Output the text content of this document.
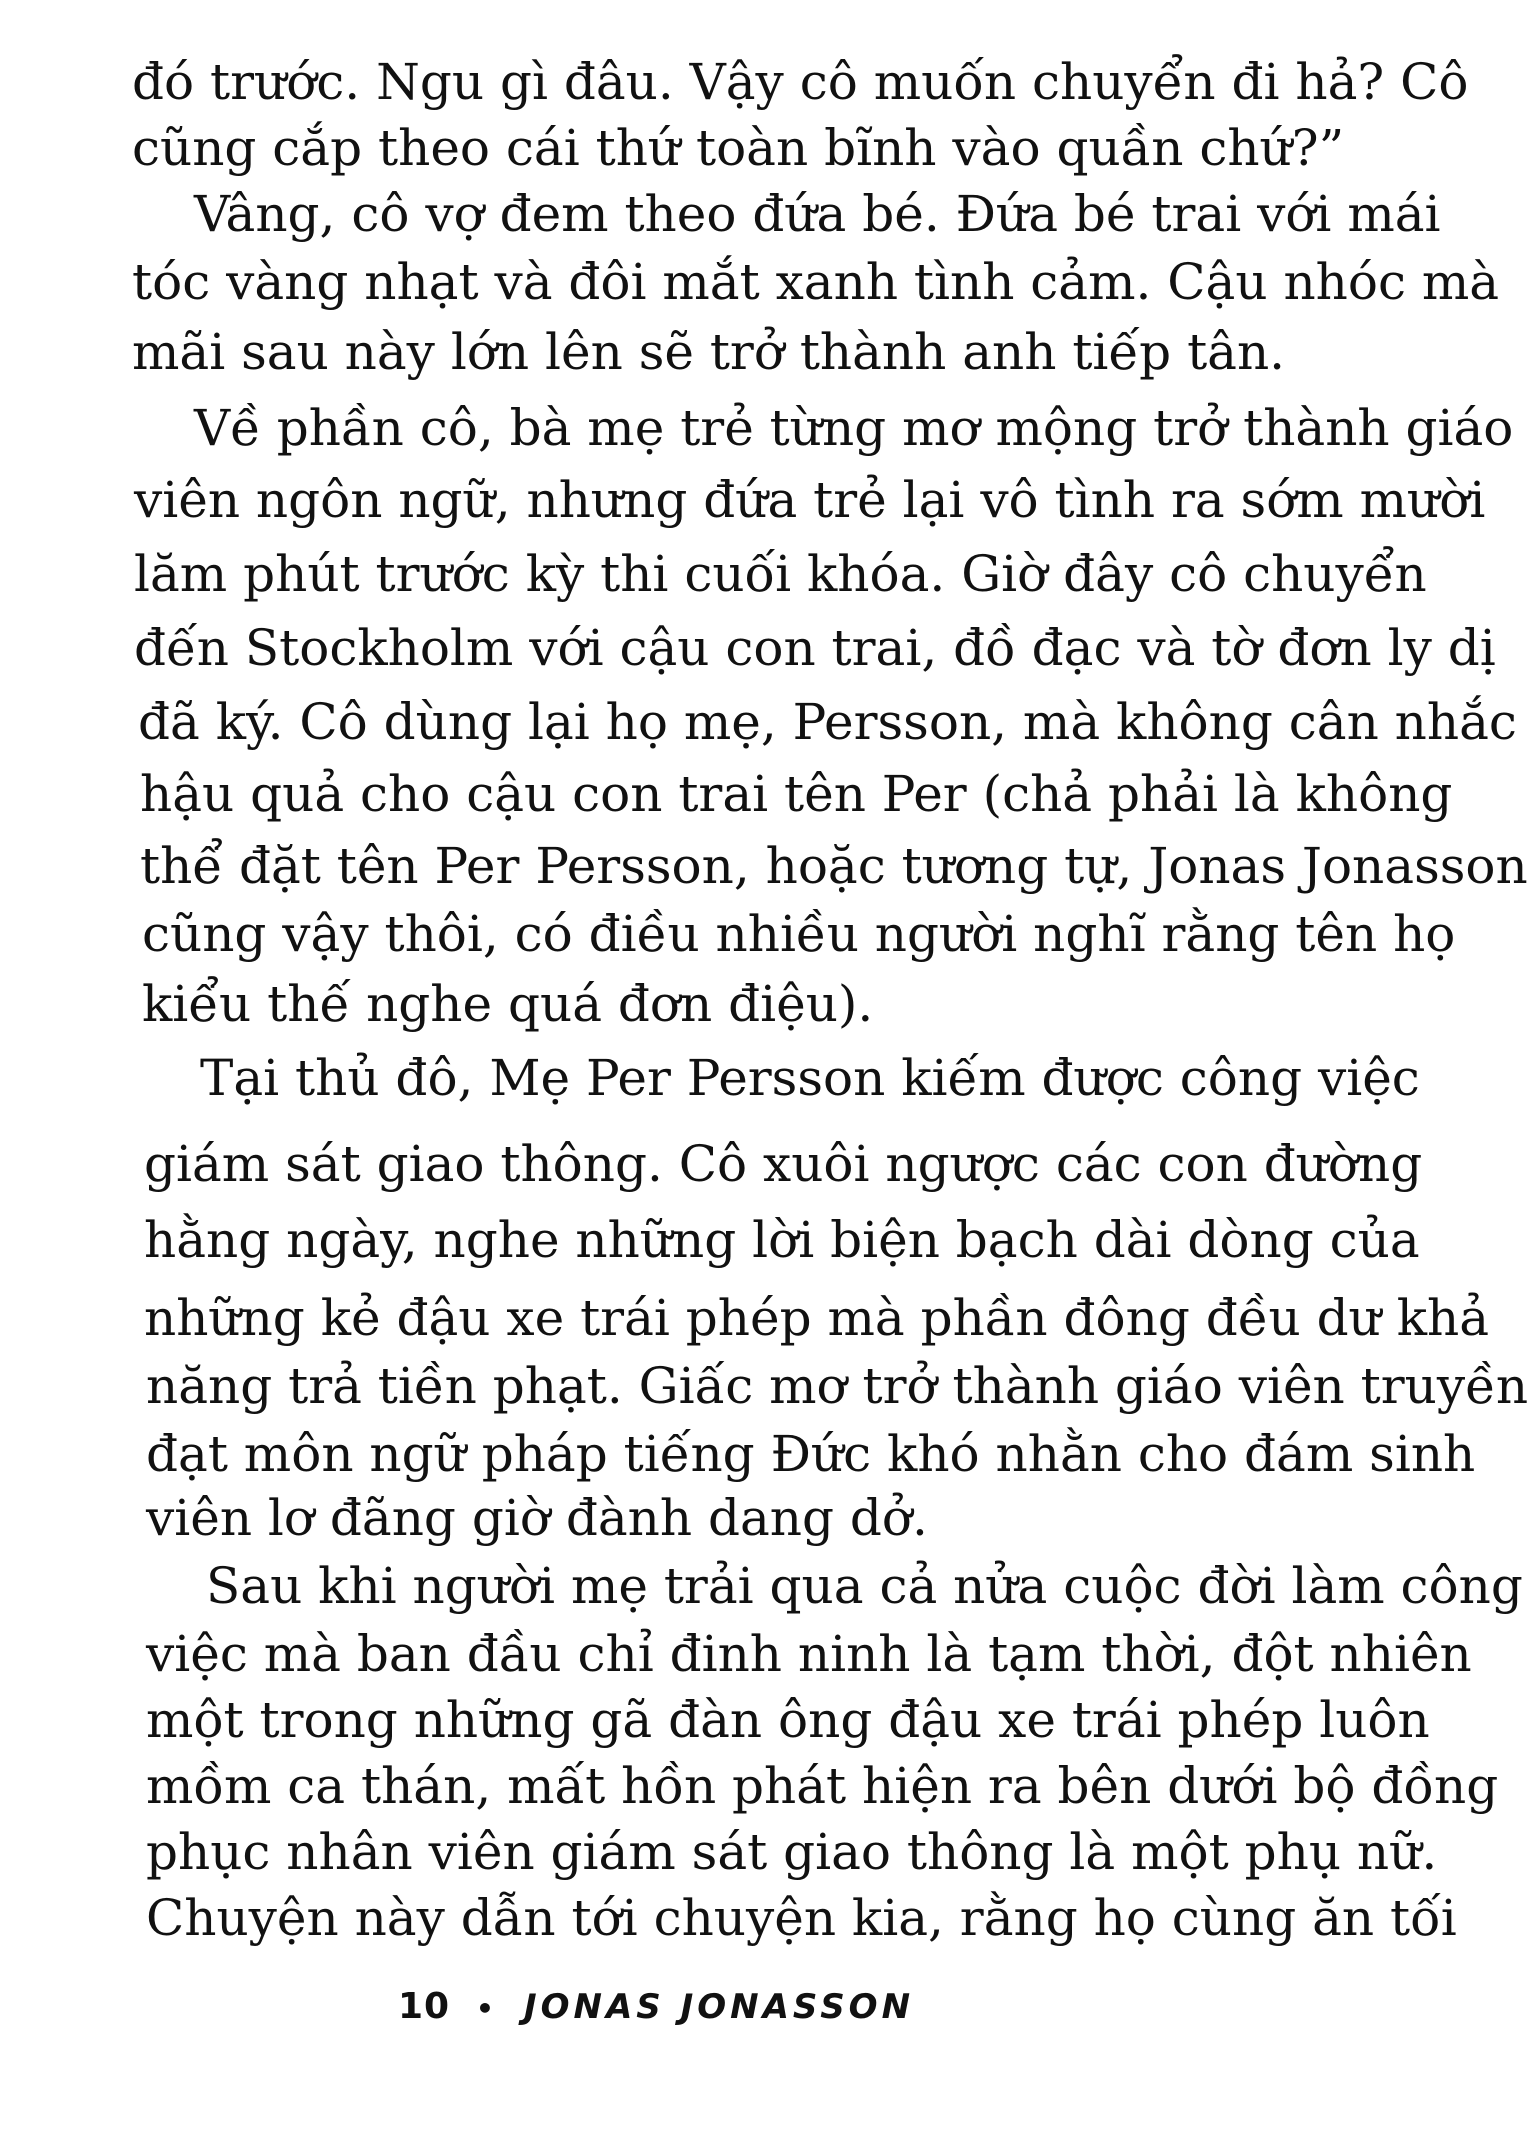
đó trước. Ngu gì đâu. Vậy cô muốn chuyển đi hả? Cô

cũng cắp theo cái thứ toàn bĩnh vào quần chứ?”

Vâng, cô vợ đem theo đứa bé. Đứa bé trai với mái

tóc vàng nhạt và đôi mắt xanh tình cảm. Cậu nhóc mà

mãi sau này lớn lên sẽ trở thành anh tiếp tân.

Về phần cô, bà mẹ trẻ từng mơ mộng trở thành giáo

viên ngôn ngữ, nhưng đứa trẻ lại vô tình ra sớm mười

lăm phút trước kỳ thi cuối khóa. Giờ đây cô chuyển

đến Stockholm với cậu con trai, đồ đạc và tờ đơn ly dị

đã ký. Cô dùng lại họ mẹ, Persson, mà không cân nhắc

hậu quả cho cậu con trai tên Per (chả phải là không

thể đặt tên Per Persson, hoặc tương tự, Jonas Jonasson

cũng vậy thôi, có điều nhiều người nghĩ rằng tên họ

kiểu thế nghe quá đơn điệu).

Tại thủ đô, Mẹ Per Persson kiếm được công việc

giám sát giao thông. Cô xuôi ngược các con đường

hằng ngày, nghe những lời biện bạch dài dòng của

những kẻ đậu xe trái phép mà phần đông đều dư khả

năng trả tiền phạt. Giấc mơ trở thành giáo viên truyền

đạt môn ngữ pháp tiếng Đức khó nhằn cho đám sinh

viên lơ đãng giờ đành dang dở.

Sau khi người mẹ trải qua cả nửa cuộc đời làm công

việc mà ban đầu chỉ đinh ninh là tạm thời, đột nhiên

một trong những gã đàn ông đậu xe trái phép luôn

mồm ca thán, mất hồn phát hiện ra bên dưới bộ đồng

phục nhân viên giám sát giao thông là một phụ nữ.

Chuyện này dẫn tới chuyện kia, rằng họ cùng ăn tối

10 • JONAS JONASSON
